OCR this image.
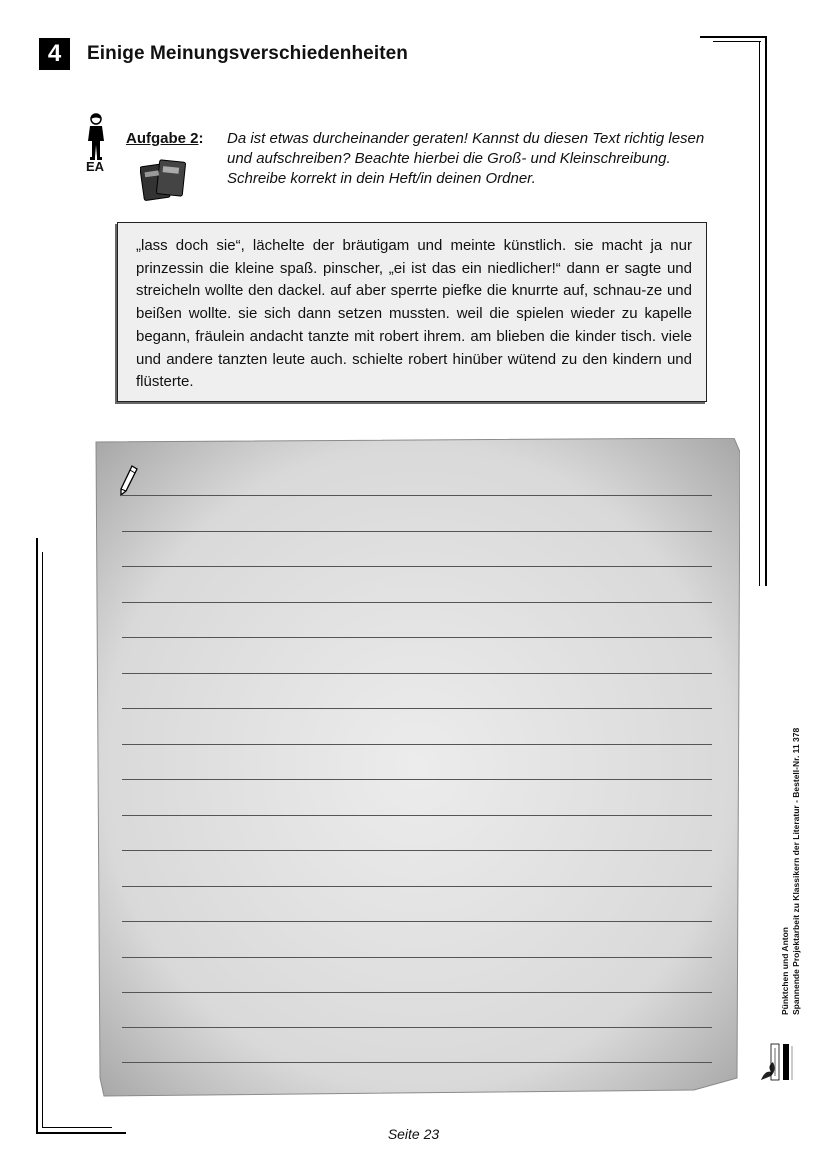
4	Einige Meinungsverschiedenheiten
EA
Aufgabe 2: Da ist etwas durcheinander geraten! Kannst du diesen Text richtig lesen
und aufschreiben? Beachte hierbei die Groß- und Kleinschreibung.
Schreibe korrekt in dein Heft/in deinen Ordner.
„lass doch sie“, lächelte der bräutigam und meinte künstlich. sie macht ja nur prinzessin die kleine spaß. pinscher, „ei ist das ein niedlicher!“ dann er sagte und streicheln wollte den dackel. auf aber sperrte piefke die knurrte auf, schnau-ze und beißen wollte. sie sich dann setzen mussten. weil die spielen wieder zu kapelle begann, fräulein andacht tanzte mit robert ihrem. am blieben die kinder tisch. viele und andere tanzten leute auch. schielte robert hinüber wütend zu den kindern und flüsterte.
Pünktchen und Anton Spannende Projektarbeit zu Klassikern der Literatur - Bestell-Nr. 11 378
Seite 23
